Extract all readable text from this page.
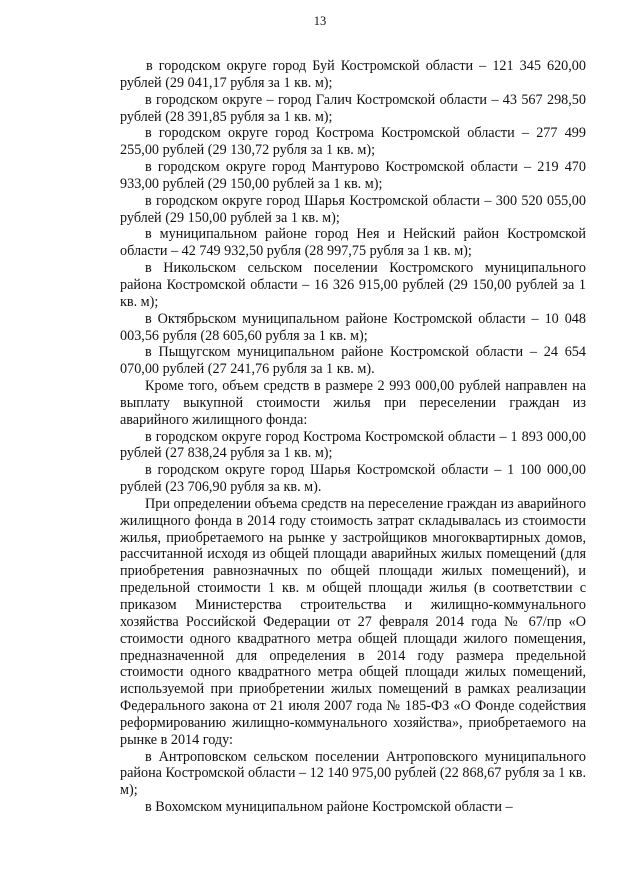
13

в городском округе город Буй Костромской области – 121 345 620,00 рублей (29 041,17 рубля за 1 кв. м);

в городском округе – город Галич Костромской области – 43 567 298,50 рублей (28 391,85 рубля за 1 кв. м);

в городском округе город Кострома Костромской области – 277 499 255,00 рублей (29 130,72 рубля за 1 кв. м);

в городском округе город Мантурово Костромской области – 219 470 933,00 рублей (29 150,00 рублей за 1 кв. м);

в городском округе город Шарья Костромской области – 300 520 055,00 рублей (29 150,00 рублей за 1 кв. м);

в муниципальном районе город Нея и Нейский район Костромской области – 42 749 932,50 рубля (28 997,75 рубля за 1 кв. м);

в Никольском сельском поселении Костромского муниципального района Костромской области – 16 326 915,00 рублей (29 150,00 рублей за 1 кв. м);

в Октябрьском муниципальном районе Костромской области – 10 048 003,56 рубля (28 605,60 рубля за 1 кв. м);

в Пыщугском муниципальном районе Костромской области – 24 654 070,00 рублей (27 241,76 рубля за 1 кв. м).

Кроме того, объем средств в размере 2 993 000,00 рублей направлен на выплату выкупной стоимости жилья при переселении граждан из аварийного жилищного фонда:

в городском округе город Кострома Костромской области – 1 893 000,00 рублей (27 838,24 рубля за 1 кв. м);

в городском округе город Шарья Костромской области – 1 100 000,00 рублей (23 706,90 рубля за кв. м).

При определении объема средств на переселение граждан из аварийного жилищного фонда в 2014 году стоимость затрат складывалась из стоимости жилья, приобретаемого на рынке у застройщиков многоквартирных домов, рассчитанной исходя из общей площади аварийных жилых помещений (для приобретения равнозначных по общей площади жилых помещений), и предельной стоимости 1 кв. м общей площади жилья (в соответствии с приказом Министерства строительства и жилищно-коммунального хозяйства Российской Федерации от 27 февраля 2014 года № 67/пр «О стоимости одного квадратного метра общей площади жилого помещения, предназначенной для определения в 2014 году размера предельной стоимости одного квадратного метра общей площади жилых помещений, используемой при приобретении жилых помещений в рамках реализации Федерального закона от 21 июля 2007 года № 185-ФЗ «О Фонде содействия реформированию жилищно-коммунального хозяйства», приобретаемого на рынке в 2014 году:

в Антроповском сельском поселении Антроповского муниципального района Костромской области – 12 140 975,00 рублей (22 868,67 рубля за 1 кв. м);

в Вохомском муниципальном районе Костромской области –
